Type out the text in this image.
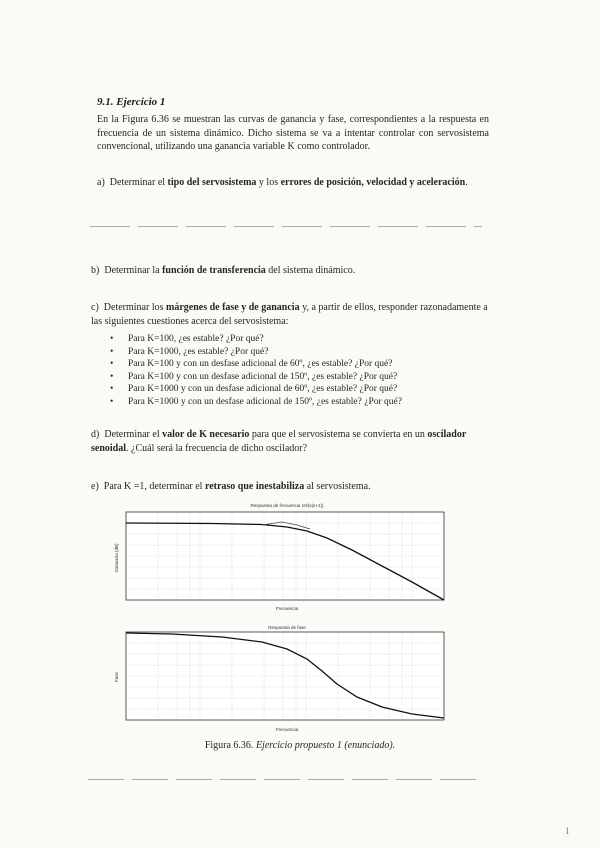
9.1. Ejercicio 1
En la Figura 6.36 se muestran las curvas de ganancia y fase, correspondientes a la respuesta en frecuencia de un sistema dinámico. Dicho sistema se va a intentar controlar con servosistema convencional, utilizando una ganancia variable K como controlador.
a) Determinar el tipo del servosistema y los errores de posición, velocidad y aceleración.
b) Determinar la función de transferencia del sistema dinámico.
c) Determinar los márgenes de fase y de ganancia y, a partir de ellos, responder razonadamente a las siguientes cuestiones acerca del servosistema:
• Para K=100, ¿es estable? ¿Por qué?
• Para K=1000, ¿es estable? ¿Por qué?
• Para K=100 y con un desfase adicional de 60º, ¿es estable? ¿Por qué?
• Para K=100 y con un desfase adicional de 150º, ¿es estable? ¿Por qué?
• Para K=1000 y con un desfase adicional de 60º, ¿es estable? ¿Por qué?
• Para K=1000 y con un desfase adicional de 150º, ¿es estable? ¿Por qué?
d) Determinar el valor de K necesario para que el servosistema se convierta en un oscilador senoidal. ¿Cuál será la frecuencia de dicho oscilador?
e) Para K =1, determinar el retraso que inestabiliza al servosistema.
Respuesta de frecuencia 10/(s(s+1))
Ganancia (dB)
Frecuencia
Respuesta de fase
Fase
Frecuencia
Figura 6.36. Ejercicio propuesto 1 (enunciado).
1
